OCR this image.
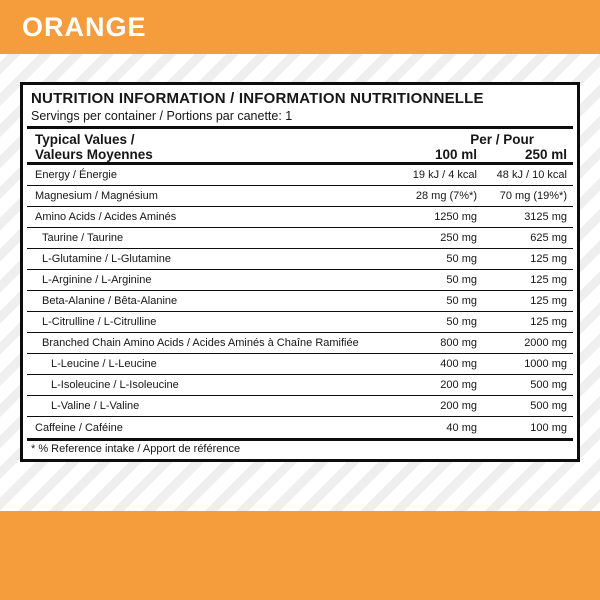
ORANGE
NUTRITION INFORMATION / INFORMATION NUTRITIONNELLE
Servings per container / Portions par canette: 1
Typical Values /
Valeurs Moyennes
Per / Pour
100 ml	250 ml
Energy / Énergie	19 kJ / 4 kcal	48 kJ / 10 kcal
Magnesium / Magnésium	28 mg (7%*)	70 mg (19%*)
Amino Acids / Acides Aminés	1250 mg	3125 mg
Taurine / Taurine	250 mg	625 mg
L-Glutamine / L-Glutamine	50 mg	125 mg
L-Arginine / L-Arginine	50 mg	125 mg
Beta-Alanine / Bêta-Alanine	50 mg	125 mg
L-Citrulline / L-Citrulline	50 mg	125 mg
Branched Chain Amino Acids / Acides Aminés à Chaîne Ramifiée	800 mg	2000 mg
L-Leucine / L-Leucine	400 mg	1000 mg
L-Isoleucine / L-Isoleucine	200 mg	500 mg
L-Valine / L-Valine	200 mg	500 mg
Caffeine / Caféine	40 mg	100 mg
* % Reference intake / Apport de référence
